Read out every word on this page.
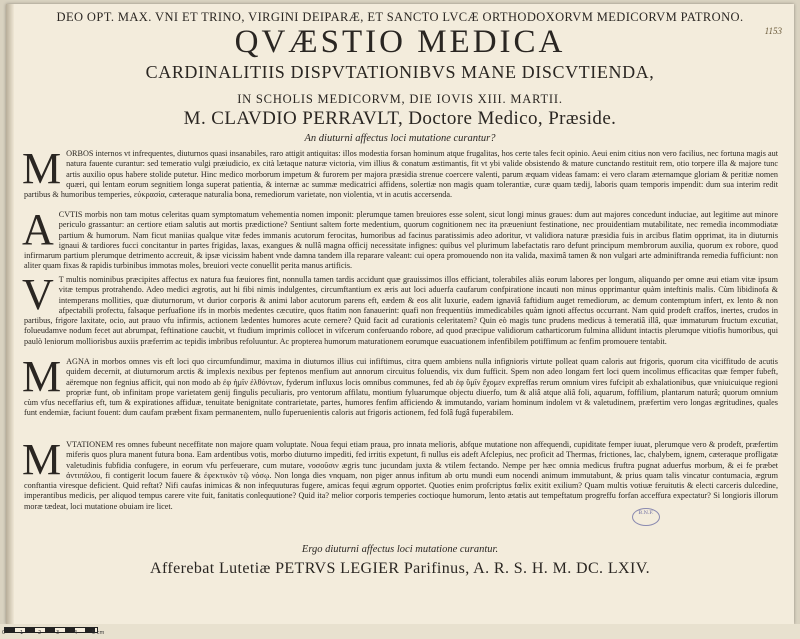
1153
DEO OPT. MAX. VNI ET TRINO, VIRGINI DEIPARÆ, ET SANCTO LVCÆ ORTHODOXORVM MEDICORVM PATRONO.
QVÆSTIO MEDICA
CARDINALITIIS DISPVTATIONIBVS MANE DISCVTIENDA,
IN SCHOLIS MEDICORVM, DIE IOVIS XIII. MARTII.
M. CLAVDIO PERRAVLT, Doctore Medico, Præside.
An diuturni affectus loci mutatione curantur?
M ORBOS internos vt infrequentes, diuturnos quasi insanabiles, raro attigit antiquitas: illos modestia forsan hominum atque frugalitas, hos certe tales fecit opinio. Aeui enim citius non vero facilius, nec fortuna magis aut natura fauente curantur: sed temeratio vulgi præiudicio, ex cità lætaque naturæ victoria, vim illius & conatum æstimantis, fit vt ybi valide obsistendo & mature cunctando restituit rem, otio torpere illa & majore tunc artis auxilio opus habere stolide putetur. Hinc medico morborum impetum & furorem per majora præsidia strenue coercere valenti, parum æquam videas famam: ei vero claram æternamque gloriam & peritiæ nomen quæri, qui lentam eorum segnitiem longa superat patientia, & internæ ac summæ medicatrici affidens, solertiæ non magis quam tolerantiæ, curæ quam tædij, laboris quam temporis impendit: dum sua interim redit partibus & humoribus temperies, εὐκρασία, cæteraque naturalia bona, remediorum varietate, non violentia, vt in acutis accersenda.
A CVTIS morbis non tam motus celeritas quam symptomatum vehementia nomen imponit: plerumque tamen breuiores esse solent, sicut longi minus graues: dum aut majores concedunt induciae, aut legitime aut minore periculo grassantur: an certiore etiam salutis aut mortis prædictione? Sentiunt saltem forte medentium, quorum cognitionem nec ita præueniunt festinatione, nec prouidentiam mutabilitate, nec remedia incommodiatæ partium & humorum. Nam ficut maniias qualque vitæ fedes immanis acutorum ferocitas, humoribus ad facinus paratissimis adeo adoritur, vt validiora naturæ præsidia fuis in arcibus flatim opprimat, ita in diuturnis ignaui & tardiores fucci concitantur in partes frigidas, laxas, exangues & nullâ magna officij necessitate infignes: quibus vel plurimum labefactatis raro defunt principum membrorum auxilia, quorum ex robore, quod infirmarum partium plerumque detrimento accreuit, & ipsæ vicissim habent vnde damna tandem illa reparare valeant: cui opera promouendo non ita valida, maximâ tamen & non vulgari arte adminiftranda remedia fufficiunt: non aliter quam fixas & rapidis turbinibus immotas moles, breuiori vecte conuellit perita manus artificis.
V T multis nominibus præcipites affectus ex natura fua fæuiores fint, nonnulla tamen tardis accidunt quæ grauissimos illos efficiant, tolerabiles aliàs eorum labores per longum, aliquando per omne æui etiam vitæ ipsum vitæ tempus protrahendo. Adeo medici ægrotis, aut hi fibi nimis indulgentes, circumftantium ex æris aut loci aduerfa caufarum confpiratione incauti non minus opprimantur quàm inteftinis malis. Cùm libidinofa & intemperans mollities, quæ diuturnorum, vt durior corporis & animi labor acutorum parens eft, eædem & eos alit luxurie, eadem ignaviâ faftidium auget remediorum, ac demum contemptum infert, ex lento & non afpectabili profectu, falsaque perfuafione ifs in morbis medentes cæcutire, quos ftatim non fanauerint: quafi non frequentiùs immedicabiles quàm ignoti affectus occurrant. Nam quid prodeft craffos, inertes, crudos in partibus, frigore laxitate, ocio, aut prauo vfu infirmis, actionem lædentes humores acute cernere? Quid facit ad curationis celeritatem? Quin eò magis tunc prudens medicus à temeratiâ illâ, quæ immaturum fructum excutiat, folueudamve nodum fecet aut abrumpat, feftinatione caucbit, vt ftudium imprimis collocet in vifcerum conferuando robore, ad quod præcipue validiorum catharticorum fulmina allidunt intactis plerumque vitiofis humoribus, qui paulò leniorum molliorisbus auxiis præferrim ac tepidis imbribus refoluuntur. Ac propterea humorum maturationem eorumque euacuationem infenfibilem potiffimum ac fenfim promouere tentabit.
M AGNA in morbos omnes vis eft loci quo circumfundimur, maxima in diuturnos illius cui infiftimus, citra quem ambiens nulla infignioris virtute polleat quam caloris aut frigoris, quorum cita viciffitudo de acutis quidem decernit, at diuturnorum arctis & implexis nexibus per feptenos menfium aut annorum circuitus foluendis, vix dum fufficit. Spem non adeo longam fert loci quem incolimus efficacitas quæ femper fubeft, aëremque non fegnius afficit, qui non modo ab ἐφ ἡμῖν ἐλθόντων, fyderum influxus locis omnibus communes, fed ab ἐφ ὕμῖν ἔχομεν expreffas rerum omnium vires fufcipit ab exhalationibus, quæ vniuicuique regioni propriæ funt, ob infinitam prope varietatem genij fingulis peculiaris, pro ventorum affilatu, montium fyluarumque objectu diuerfo, tum & aliâ atque aliâ foli, aquarum, foffilium, plantarum naturâ; quorum omnium cùm vfus neceffarius eft, tum & expirationes affiduæ, tenuitate benignitate contrarietate, partes, humores fenfim afficiendo & immutando, variam hominum indolem vt & valetudinem, præfertim vero longas ægritudines, quales funt endemiæ, faciunt fouent: dum caufam præbent fixam permanentem, nullo fuperuenientis caloris aut frigoris actionem, fed folâ fugâ fuperabilem.
M VTATIONEM res omnes fubeunt neceffitate non majore quam voluptate. Noua fequi etiam praua, pro innata melioris, abfque mutatione non affequendi, cupiditate femper iuuat, plerumque vero & prodeft, præfertim miferis quos plura manent futura bona. Eam ardentibus votis, morbo diuturno impediti, fed irritis expetunt, fi nullus eis adeft Afclepius, nec proficit ad Thermas, frictiones, lac, chalybem, ignem, cæteraque profligatæ valetudinis fubfidia confugere, in eorum vfu perfeuerare, cum mutare, νοσοῦσιν ægris tunc jucundam juxta & vtilem fectando. Nempe per hæc omnia medicus fruftra pugnat aduerfus morbum, & ei fe præbet ἀντιπάλου, fi contigerit locum fauere & ἐφεκτικὸν τῷ νόσῳ. Non longa dies vnquam, non piger annus infitum ab ortu mundi eum nocendi animum immutabunt, & prius quam talis vincatur contumacia, ægrum conftantia viresque deficient. Quid reftat? Nifi caufas inimicas & non infequuturas fugere, amicas fequi ægrum opportet. Quoties enim profcriptus fœlix exitit exilium? Quam multis votiuæ feruitutis & electi carceris dulcedine, imperantibus medicis, per aliquod tempus carere vite fuit, fanitatis conlequutione? Quid ita? melior corporis temperies coctioque humorum, lento ætatis aut tempeftatum progreffu forfan acceffura expectatur? Si longioris illorum moræ tædeat, loci mutatione obuiam ire licet.
B.N.F.
Ergo diuturni affectus loci mutatione curantur.
Afferebat Lutetiæ PETRVS LEGIER Parifinus, A. R. S. H. M. DC. LXIV.
0	1	2	3	4	5 cm
